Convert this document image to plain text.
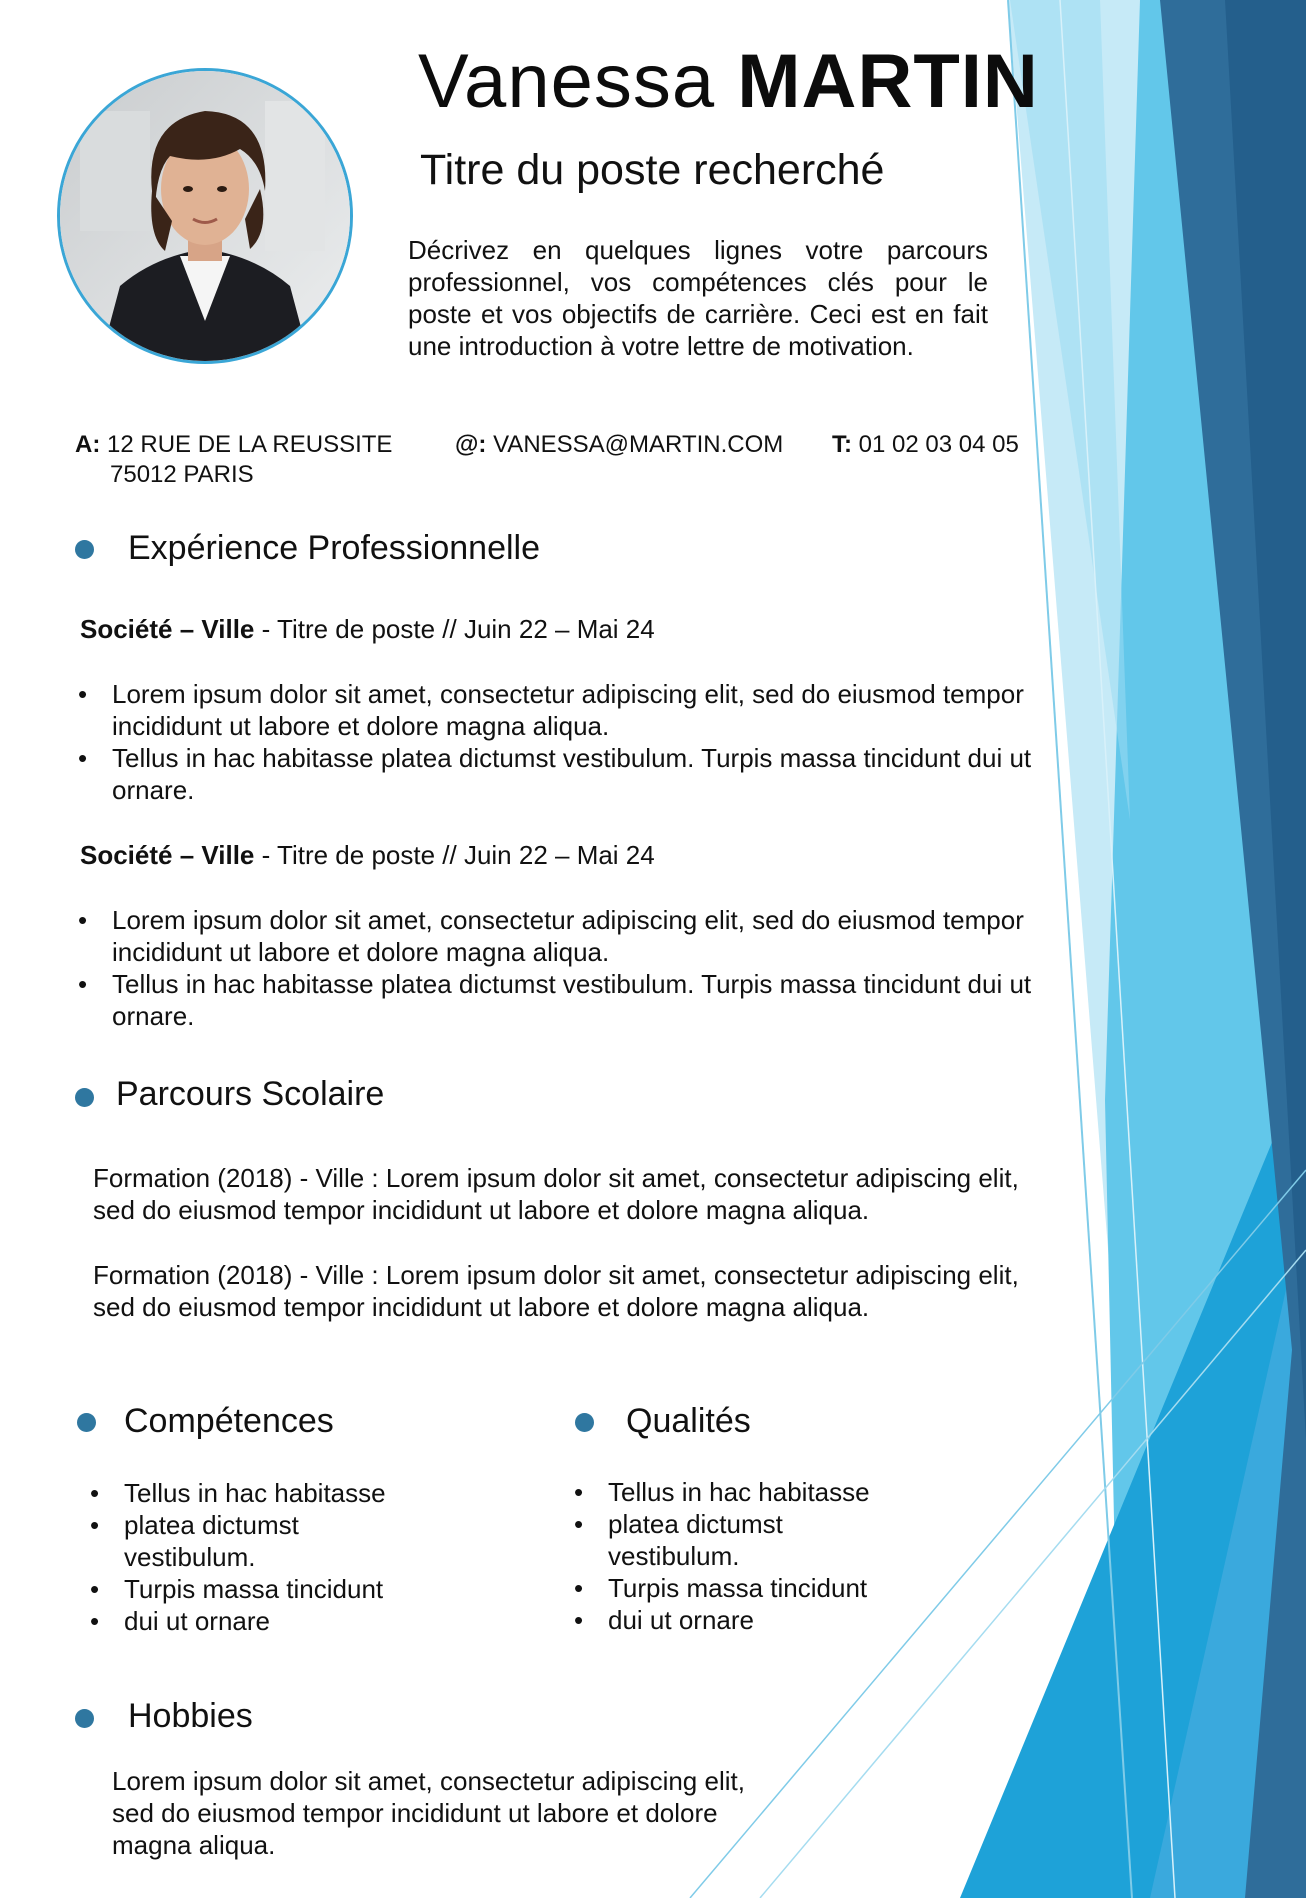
Vanessa MARTIN
Titre du poste recherché
Décrivez en quelques lignes votre parcours professionnel, vos compétences clés pour le poste et vos objectifs de carrière. Ceci est en fait une introduction à votre lettre de motivation.
A: 12 RUE DE LA REUSSITE
75012 PARIS
@: VANESSA@MARTIN.COM T: 01 02 03 04 05
Expérience Professionnelle
Société – Ville - Titre de poste // Juin 22 – Mai 24
• Lorem ipsum dolor sit amet, consectetur adipiscing elit, sed do eiusmod tempor incididunt ut labore et dolore magna aliqua.
• Tellus in hac habitasse platea dictumst vestibulum. Turpis massa tincidunt dui ut ornare.
Société – Ville - Titre de poste // Juin 22 – Mai 24
• Lorem ipsum dolor sit amet, consectetur adipiscing elit, sed do eiusmod tempor incididunt ut labore et dolore magna aliqua.
• Tellus in hac habitasse platea dictumst vestibulum. Turpis massa tincidunt dui ut ornare.
Parcours Scolaire
Formation (2018) - Ville : Lorem ipsum dolor sit amet, consectetur adipiscing elit, sed do eiusmod tempor incididunt ut labore et dolore magna aliqua.
Formation (2018) - Ville : Lorem ipsum dolor sit amet, consectetur adipiscing elit, sed do eiusmod tempor incididunt ut labore et dolore magna aliqua.
Compétences
• Tellus in hac habitasse
• platea dictumst vestibulum.
• Turpis massa tincidunt
• dui ut ornare
Qualités
• Tellus in hac habitasse
• platea dictumst vestibulum.
• Turpis massa tincidunt
• dui ut ornare
Hobbies
Lorem ipsum dolor sit amet, consectetur adipiscing elit, sed do eiusmod tempor incididunt ut labore et dolore magna aliqua.
